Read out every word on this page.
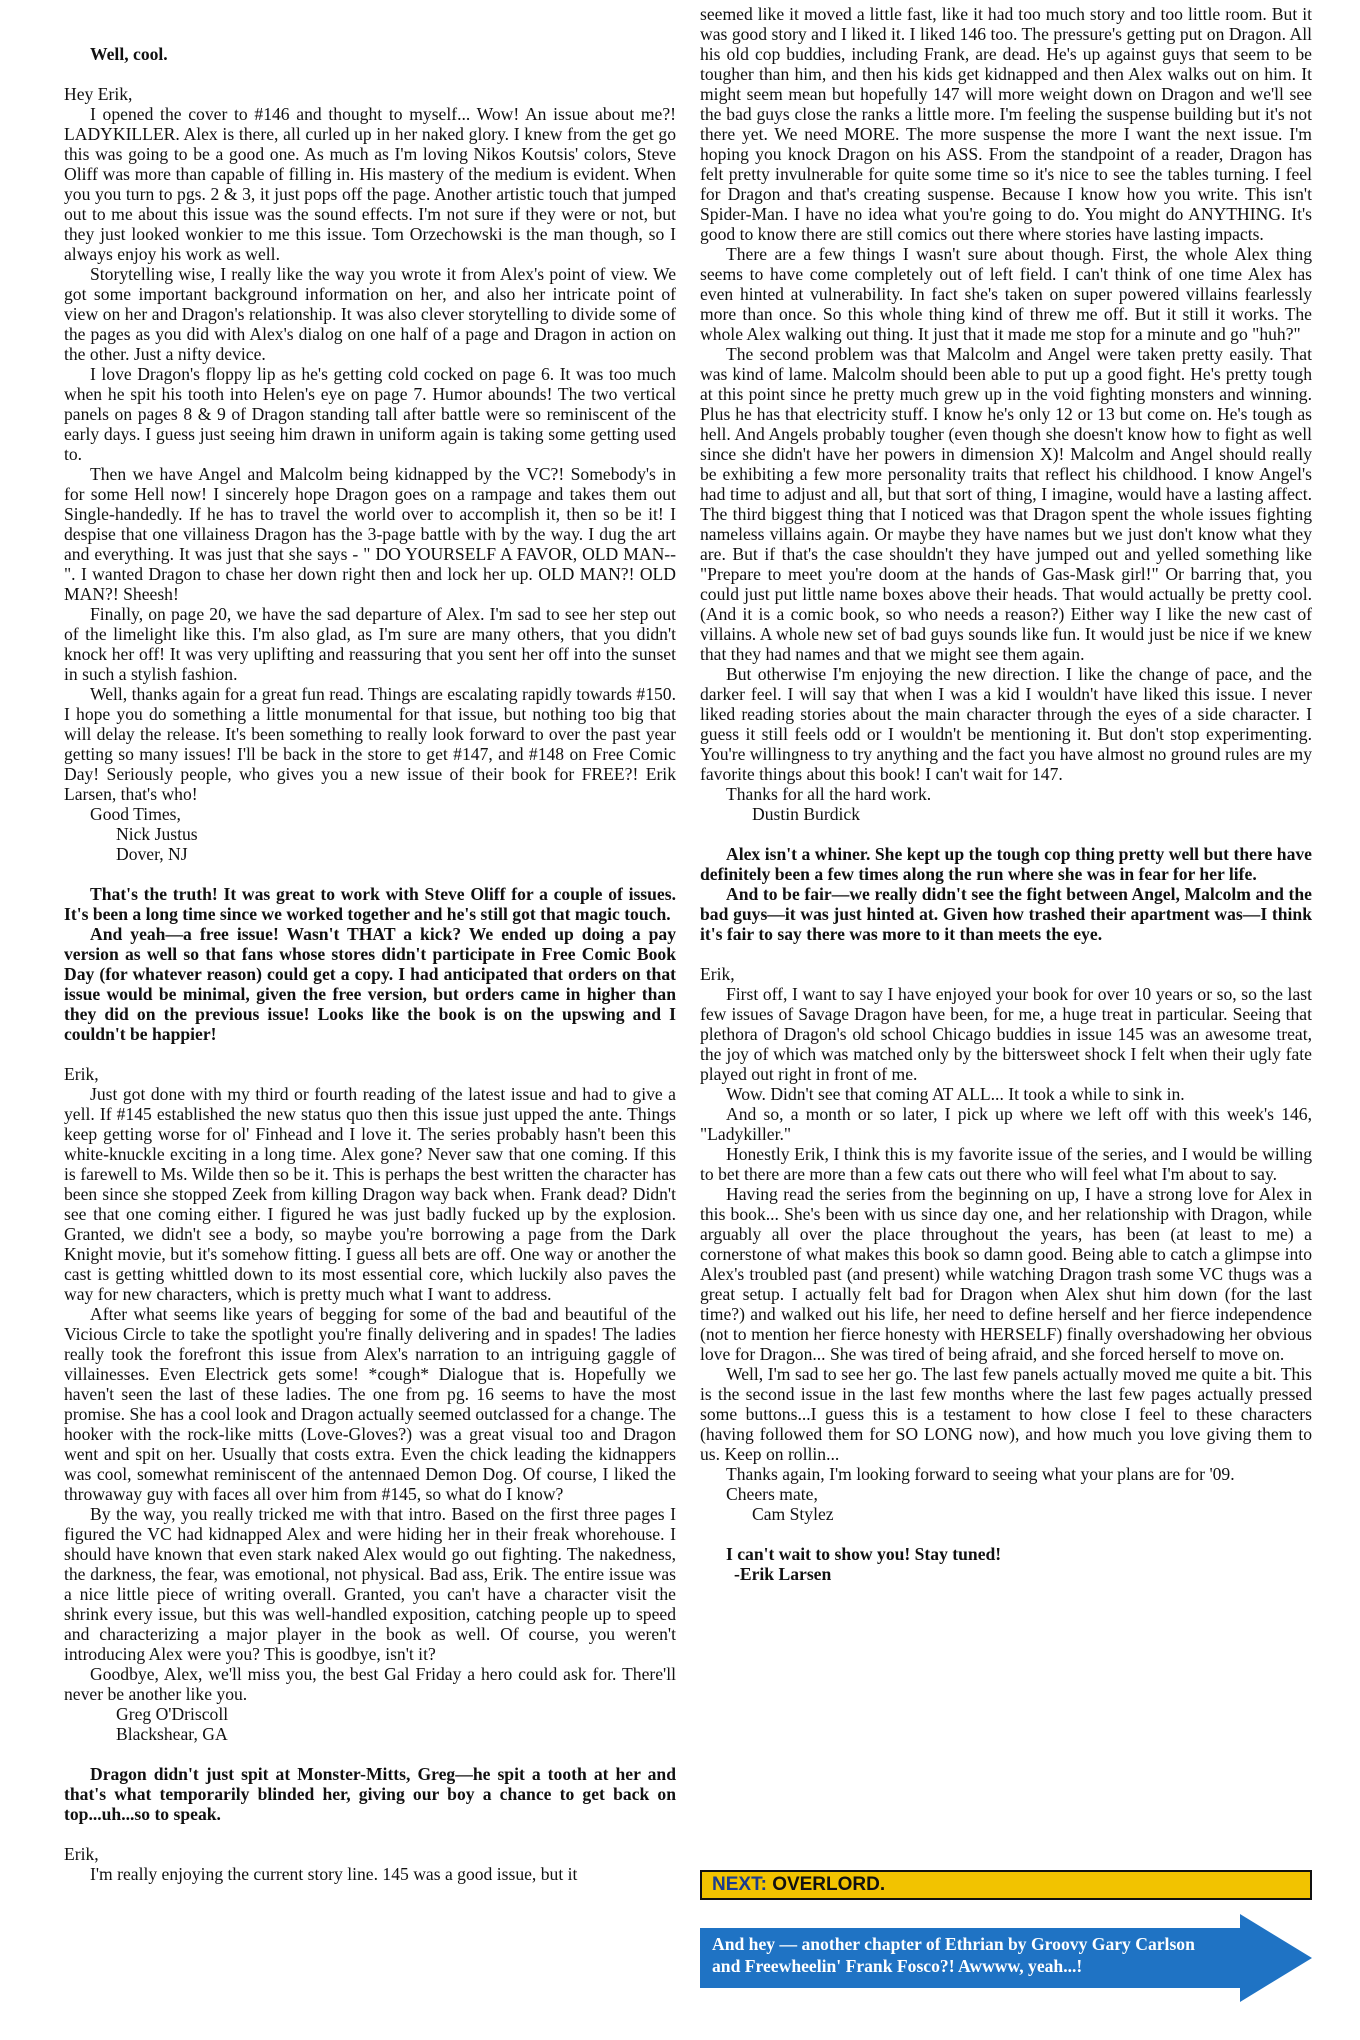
Well, cool.

Hey Erik,

I opened the cover to #146 and thought to myself... Wow! An issue about me?! LADYKILLER. Alex is there, all curled up in her naked glory. I knew from the get go this was going to be a good one. As much as I'm loving Nikos Koutsis' colors, Steve Oliff was more than capable of filling in. His mastery of the medium is evident. When you you turn to pgs. 2 & 3, it just pops off the page. Another artistic touch that jumped out to me about this issue was the sound effects. I'm not sure if they were or not, but they just looked wonkier to me this issue. Tom Orzechowski is the man though, so I always enjoy his work as well.

Storytelling wise, I really like the way you wrote it from Alex's point of view. We got some important background information on her, and also her intricate point of view on her and Dragon's relationship. It was also clever storytelling to divide some of the pages as you did with Alex's dialog on one half of a page and Dragon in action on the other. Just a nifty device.

I love Dragon's floppy lip as he's getting cold cocked on page 6. It was too much when he spit his tooth into Helen's eye on page 7. Humor abounds! The two vertical panels on pages 8 & 9 of Dragon standing tall after battle were so reminiscent of the early days. I guess just seeing him drawn in uniform again is taking some getting used to.

Then we have Angel and Malcolm being kidnapped by the VC?! Somebody's in for some Hell now! I sincerely hope Dragon goes on a rampage and takes them out Single-handedly. If he has to travel the world over to accomplish it, then so be it! I despise that one villainess Dragon has the 3-page battle with by the way. I dug the art and everything. It was just that she says - " DO YOURSELF A FAVOR, OLD MAN--". I wanted Dragon to chase her down right then and lock her up. OLD MAN?! OLD MAN?! Sheesh!

Finally, on page 20, we have the sad departure of Alex. I'm sad to see her step out of the limelight like this. I'm also glad, as I'm sure are many others, that you didn't knock her off! It was very uplifting and reassuring that you sent her off into the sunset in such a stylish fashion.

Well, thanks again for a great fun read. Things are escalating rapidly towards #150. I hope you do something a little monumental for that issue, but nothing too big that will delay the release. It's been something to really look forward to over the past year getting so many issues! I'll be back in the store to get #147, and #148 on Free Comic Day! Seriously people, who gives you a new issue of their book for FREE?! Erik Larsen, that's who!

Good Times,

Nick Justus

Dover, NJ

That's the truth! It was great to work with Steve Oliff for a couple of issues. It's been a long time since we worked together and he's still got that magic touch.

And yeah—a free issue! Wasn't THAT a kick? We ended up doing a pay version as well so that fans whose stores didn't participate in Free Comic Book Day (for whatever reason) could get a copy. I had anticipated that orders on that issue would be minimal, given the free version, but orders came in higher than they did on the previous issue! Looks like the book is on the upswing and I couldn't be happier!

Erik,

Just got done with my third or fourth reading of the latest issue and had to give a yell. If #145 established the new status quo then this issue just upped the ante. Things keep getting worse for ol' Finhead and I love it. The series probably hasn't been this white-knuckle exciting in a long time. Alex gone? Never saw that one coming. If this is farewell to Ms. Wilde then so be it. This is perhaps the best written the character has been since she stopped Zeek from killing Dragon way back when. Frank dead? Didn't see that one coming either. I figured he was just badly fucked up by the explosion. Granted, we didn't see a body, so maybe you're borrowing a page from the Dark Knight movie, but it's somehow fitting. I guess all bets are off. One way or another the cast is getting whittled down to its most essential core, which luckily also paves the way for new characters, which is pretty much what I want to address.

After what seems like years of begging for some of the bad and beautiful of the Vicious Circle to take the spotlight you're finally delivering and in spades! The ladies really took the forefront this issue from Alex's narration to an intriguing gaggle of villainesses. Even Electrick gets some! *cough* Dialogue that is. Hopefully we haven't seen the last of these ladies. The one from pg. 16 seems to have the most promise. She has a cool look and Dragon actually seemed outclassed for a change. The hooker with the rock-like mitts (Love-Gloves?) was a great visual too and Dragon went and spit on her. Usually that costs extra. Even the chick leading the kidnappers was cool, somewhat reminiscent of the antennaed Demon Dog. Of course, I liked the throwaway guy with faces all over him from #145, so what do I know?

By the way, you really tricked me with that intro. Based on the first three pages I figured the VC had kidnapped Alex and were hiding her in their freak whorehouse. I should have known that even stark naked Alex would go out fighting. The nakedness, the darkness, the fear, was emotional, not physical. Bad ass, Erik. The entire issue was a nice little piece of writing overall. Granted, you can't have a character visit the shrink every issue, but this was well-handled exposition, catching people up to speed and characterizing a major player in the book as well. Of course, you weren't introducing Alex were you? This is goodbye, isn't it?

Goodbye, Alex, we'll miss you, the best Gal Friday a hero could ask for. There'll never be another like you.

Greg O'Driscoll

Blackshear, GA

Dragon didn't just spit at Monster-Mitts, Greg—he spit a tooth at her and that's what temporarily blinded her, giving our boy a chance to get back on top...uh...so to speak.

Erik,

I'm really enjoying the current story line. 145 was a good issue, but it

seemed like it moved a little fast, like it had too much story and too little room. But it was good story and I liked it. I liked 146 too. The pressure's getting put on Dragon. All his old cop buddies, including Frank, are dead. He's up against guys that seem to be tougher than him, and then his kids get kidnapped and then Alex walks out on him. It might seem mean but hopefully 147 will more weight down on Dragon and we'll see the bad guys close the ranks a little more. I'm feeling the suspense building but it's not there yet. We need MORE. The more suspense the more I want the next issue. I'm hoping you knock Dragon on his ASS. From the standpoint of a reader, Dragon has felt pretty invulnerable for quite some time so it's nice to see the tables turning. I feel for Dragon and that's creating suspense. Because I know how you write. This isn't Spider-Man. I have no idea what you're going to do. You might do ANYTHING. It's good to know there are still comics out there where stories have lasting impacts.

There are a few things I wasn't sure about though. First, the whole Alex thing seems to have come completely out of left field. I can't think of one time Alex has even hinted at vulnerability. In fact she's taken on super powered villains fearlessly more than once. So this whole thing kind of threw me off. But it still it works. The whole Alex walking out thing. It just that it made me stop for a minute and go "huh?"

The second problem was that Malcolm and Angel were taken pretty easily. That was kind of lame. Malcolm should been able to put up a good fight. He's pretty tough at this point since he pretty much grew up in the void fighting monsters and winning. Plus he has that electricity stuff. I know he's only 12 or 13 but come on. He's tough as hell. And Angels probably tougher (even though she doesn't know how to fight as well since she didn't have her powers in dimension X)! Malcolm and Angel should really be exhibiting a few more personality traits that reflect his childhood. I know Angel's had time to adjust and all, but that sort of thing, I imagine, would have a lasting affect. The third biggest thing that I noticed was that Dragon spent the whole issues fighting nameless villains again. Or maybe they have names but we just don't know what they are. But if that's the case shouldn't they have jumped out and yelled something like "Prepare to meet you're doom at the hands of Gas-Mask girl!" Or barring that, you could just put little name boxes above their heads. That would actually be pretty cool. (And it is a comic book, so who needs a reason?) Either way I like the new cast of villains. A whole new set of bad guys sounds like fun. It would just be nice if we knew that they had names and that we might see them again.

But otherwise I'm enjoying the new direction. I like the change of pace, and the darker feel. I will say that when I was a kid I wouldn't have liked this issue. I never liked reading stories about the main character through the eyes of a side character. I guess it still feels odd or I wouldn't be mentioning it. But don't stop experimenting. You're willingness to try anything and the fact you have almost no ground rules are my favorite things about this book! I can't wait for 147.

Thanks for all the hard work.

Dustin Burdick

Alex isn't a whiner. She kept up the tough cop thing pretty well but there have definitely been a few times along the run where she was in fear for her life.

And to be fair—we really didn't see the fight between Angel, Malcolm and the bad guys—it was just hinted at. Given how trashed their apartment was—I think it's fair to say there was more to it than meets the eye.

Erik,

First off, I want to say I have enjoyed your book for over 10 years or so, so the last few issues of Savage Dragon have been, for me, a huge treat in particular. Seeing that plethora of Dragon's old school Chicago buddies in issue 145 was an awesome treat, the joy of which was matched only by the bittersweet shock I felt when their ugly fate played out right in front of me.

Wow. Didn't see that coming AT ALL... It took a while to sink in.

And so, a month or so later, I pick up where we left off with this week's 146, "Ladykiller."

Honestly Erik, I think this is my favorite issue of the series, and I would be willing to bet there are more than a few cats out there who will feel what I'm about to say.

Having read the series from the beginning on up, I have a strong love for Alex in this book... She's been with us since day one, and her relationship with Dragon, while arguably all over the place throughout the years, has been (at least to me) a cornerstone of what makes this book so damn good. Being able to catch a glimpse into Alex's troubled past (and present) while watching Dragon trash some VC thugs was a great setup. I actually felt bad for Dragon when Alex shut him down (for the last time?) and walked out his life, her need to define herself and her fierce independence (not to mention her fierce honesty with HERSELF) finally overshadowing her obvious love for Dragon... She was tired of being afraid, and she forced herself to move on.

Well, I'm sad to see her go. The last few panels actually moved me quite a bit. This is the second issue in the last few months where the last few pages actually pressed some buttons...I guess this is a testament to how close I feel to these characters (having followed them for SO LONG now), and how much you love giving them to us. Keep on rollin...

Thanks again, I'm looking forward to seeing what your plans are for '09.

Cheers mate,

Cam Stylez

I can't wait to show you! Stay tuned!

-Erik Larsen

NEXT: OVERLORD.
And hey — another chapter of Ethrian by Groovy Gary Carlson
and Freewheelin' Frank Fosco?! Awwww, yeah...!
